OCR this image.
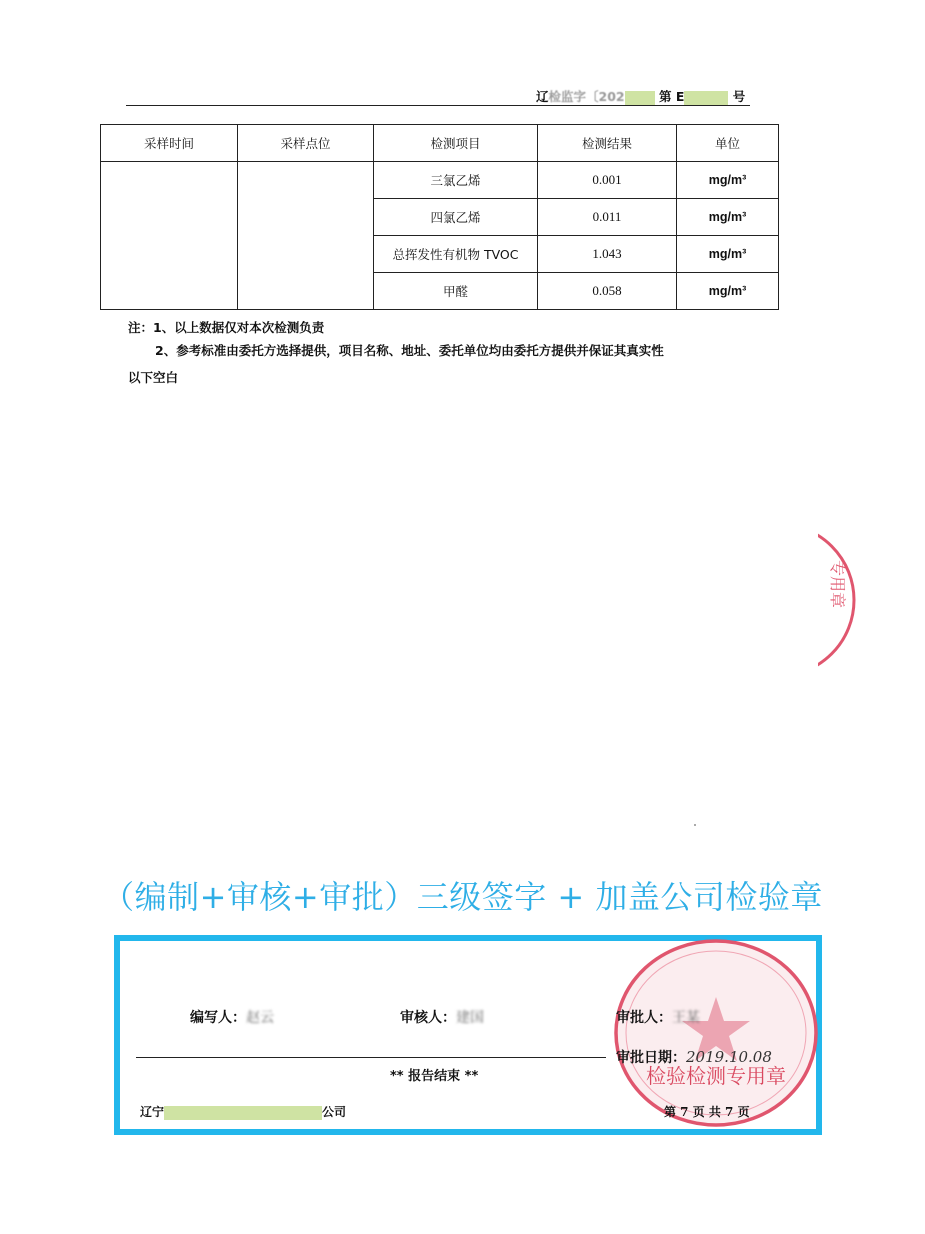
辽检监字〔202	第 E	号
采样时间	采样点位	检测项目	检测结果	单位
		三氯乙烯	0.001	mg/m³
		四氯乙烯	0.011	mg/m³
		总挥发性有机物 TVOC	1.043	mg/m³
		甲醛	0.058	mg/m³
注：1、以上数据仅对本次检测负责
2、参考标准由委托方选择提供，项目名称、地址、委托单位均由委托方提供并保证其真实性
以下空白
专用章
（编制+审核+审批）三级签字 + 加盖公司检验章
检验检测专用章
编写人：赵云	审核人：建国	审批人：王某
审批日期：2019.10.08
** 报告结束 **
辽宁	公司	第 7 页 共 7 页
